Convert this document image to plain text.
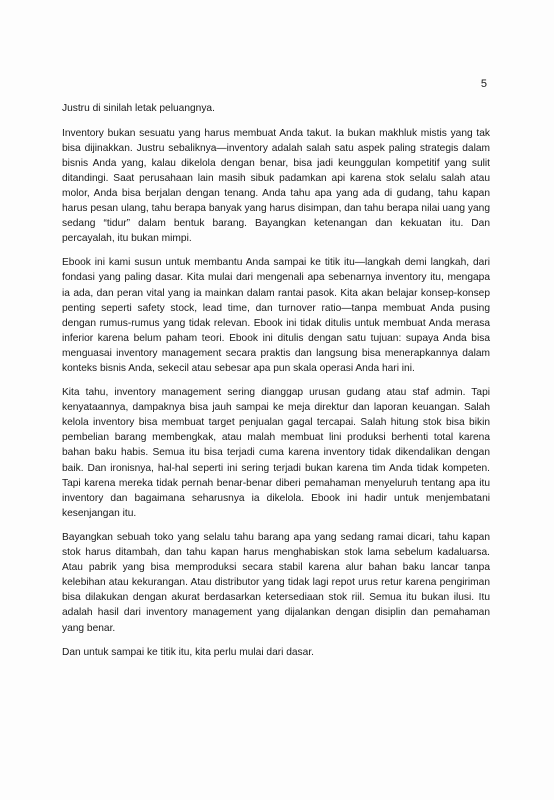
5

Justru di sinilah letak peluangnya.

Inventory bukan sesuatu yang harus membuat Anda takut. Ia bukan makhluk mistis yang tak bisa dijinakkan. Justru sebaliknya—inventory adalah salah satu aspek paling strategis dalam bisnis Anda yang, kalau dikelola dengan benar, bisa jadi keunggulan kompetitif yang sulit ditandingi. Saat perusahaan lain masih sibuk padamkan api karena stok selalu salah atau molor, Anda bisa berjalan dengan tenang. Anda tahu apa yang ada di gudang, tahu kapan harus pesan ulang, tahu berapa banyak yang harus disimpan, dan tahu berapa nilai uang yang sedang “tidur” dalam bentuk barang. Bayangkan ketenangan dan kekuatan itu. Dan percayalah, itu bukan mimpi.

Ebook ini kami susun untuk membantu Anda sampai ke titik itu—langkah demi langkah, dari fondasi yang paling dasar. Kita mulai dari mengenali apa sebenarnya inventory itu, mengapa ia ada, dan peran vital yang ia mainkan dalam rantai pasok. Kita akan belajar konsep-konsep penting seperti safety stock, lead time, dan turnover ratio—tanpa membuat Anda pusing dengan rumus-rumus yang tidak relevan. Ebook ini tidak ditulis untuk membuat Anda merasa inferior karena belum paham teori. Ebook ini ditulis dengan satu tujuan: supaya Anda bisa menguasai inventory management secara praktis dan langsung bisa menerapkannya dalam konteks bisnis Anda, sekecil atau sebesar apa pun skala operasi Anda hari ini.

Kita tahu, inventory management sering dianggap urusan gudang atau staf admin. Tapi kenyataannya, dampaknya bisa jauh sampai ke meja direktur dan laporan keuangan. Salah kelola inventory bisa membuat target penjualan gagal tercapai. Salah hitung stok bisa bikin pembelian barang membengkak, atau malah membuat lini produksi berhenti total karena bahan baku habis. Semua itu bisa terjadi cuma karena inventory tidak dikendalikan dengan baik. Dan ironisnya, hal-hal seperti ini sering terjadi bukan karena tim Anda tidak kompeten. Tapi karena mereka tidak pernah benar-benar diberi pemahaman menyeluruh tentang apa itu inventory dan bagaimana seharusnya ia dikelola. Ebook ini hadir untuk menjembatani kesenjangan itu.

Bayangkan sebuah toko yang selalu tahu barang apa yang sedang ramai dicari, tahu kapan stok harus ditambah, dan tahu kapan harus menghabiskan stok lama sebelum kadaluarsa. Atau pabrik yang bisa memproduksi secara stabil karena alur bahan baku lancar tanpa kelebihan atau kekurangan. Atau distributor yang tidak lagi repot urus retur karena pengiriman bisa dilakukan dengan akurat berdasarkan ketersediaan stok riil. Semua itu bukan ilusi. Itu adalah hasil dari inventory management yang dijalankan dengan disiplin dan pemahaman yang benar.

Dan untuk sampai ke titik itu, kita perlu mulai dari dasar.
